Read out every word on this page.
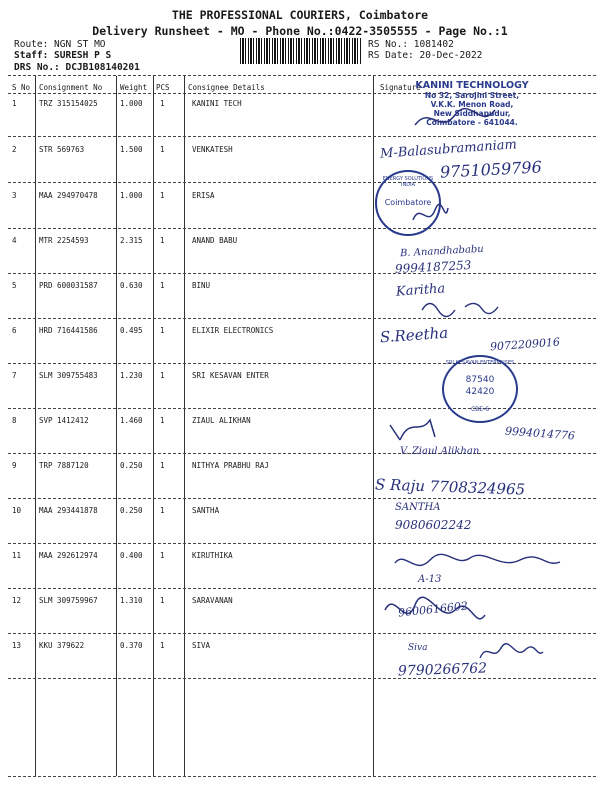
THE PROFESSIONAL COURIERS, Coimbatore
Delivery Runsheet - MO - Phone No.:0422-3505555 - Page No.:1
Route: NGN ST MO
Staff: SURESH P S
DRS No.: DCJB108140201
RS No.: 1081402
RS Date: 20-Dec-2022
S No Consignment No Weight PCS Consignee Details	Signature
1	TRZ 315154025	1.000 1	KANINI TECH
2	STR 569763	1.500 1	VENKATESH
3	MAA 294970478	1.000 1	ERISA
4	MTR 2254593	2.315 1	ANAND BABU
5	PRD 600031587	0.630 1	BINU
6	HRD 716441586	0.495 1	ELIXIR ELECTRONICS
7	SLM 309755483	1.230 1	SRI KESAVAN ENTER
8	SVP 1412412	1.460 1	ZIAUL ALIKHAN
9	TRP 7887120	0.250 1	NITHYA PRABHU RAJ
10 MAA 293441878	0.250 1	SANTHA
11 MAA 292612974	0.400 1	KIRUTHIKA
12 SLM 309759967	1.310 1	SARAVANAN
13 KKU 379622	0.370 1	SIVA
KANINI TECHNOLOGY
No 32, Sarojini Street,
V.K.K. Menon Road,
New Siddhapudur,
Coimbatore - 641044.
M-Balasubramaniam
9751059796
ENERGY SOLUTIONS INDIA
Coimbatore
B. Anandhababu
9994187253
Karitha
S.Reetha	9072209016
SRI KESAVAN ENTERPRISES
87540
42420
CBE-6
9994014776
V. Ziaul Alikhan
S Raju 7708324965
SANTHA
9080602242
A-13
9600616602
Siva
9790266762
